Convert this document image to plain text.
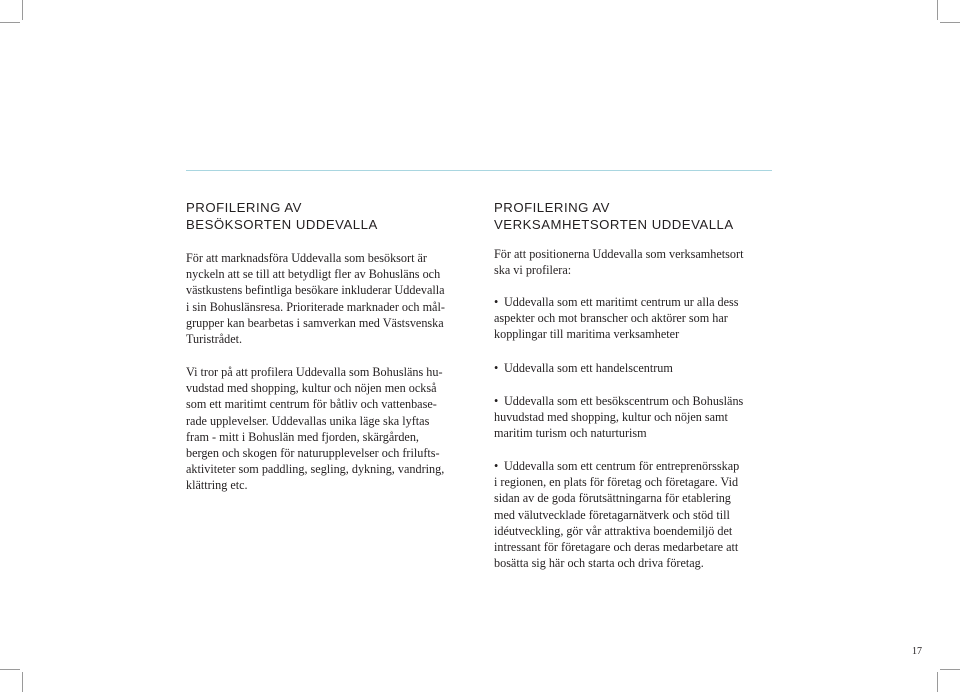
PROFILERING AV
BESÖKSORTEN UDDEVALLA

För att marknadsföra Uddevalla som besöksort är
nyckeln att se till att betydligt fler av Bohusläns och
västkustens befintliga besökare inkluderar Uddevalla
i sin Bohuslänsresa. Prioriterade marknader och mål-
grupper kan bearbetas i samverkan med Västsvenska
Turistrådet.

Vi tror på att profilera Uddevalla som Bohusläns hu-
vudstad med shopping, kultur och nöjen men också
som ett maritimt centrum för båtliv och vattenbase-
rade upplevelser. Uddevallas unika läge ska lyftas
fram - mitt i Bohuslän med fjorden, skärgården,
bergen och skogen för naturupplevelser och frilufts-
aktiviteter som paddling, segling, dykning, vandring,
klättring etc.

PROFILERING AV
VERKSAMHETSORTEN UDDEVALLA

För att positionerna Uddevalla som verksamhetsort
ska vi profilera:

• Uddevalla som ett maritimt centrum ur alla dess
aspekter och mot branscher och aktörer som har
kopplingar till maritima verksamheter
• Uddevalla som ett handelscentrum
• Uddevalla som ett besökscentrum och Bohusläns
huvudstad med shopping, kultur och nöjen samt
maritim turism och naturturism
• Uddevalla som ett centrum för entreprenörsskap
i regionen, en plats för företag och företagare. Vid
sidan av de goda förutsättningarna för etablering
med välutvecklade företagarnätverk och stöd till
idéutveckling, gör vår attraktiva boendemiljö det
intressant för företagare och deras medarbetare att
bosätta sig här och starta och driva företag.
17
